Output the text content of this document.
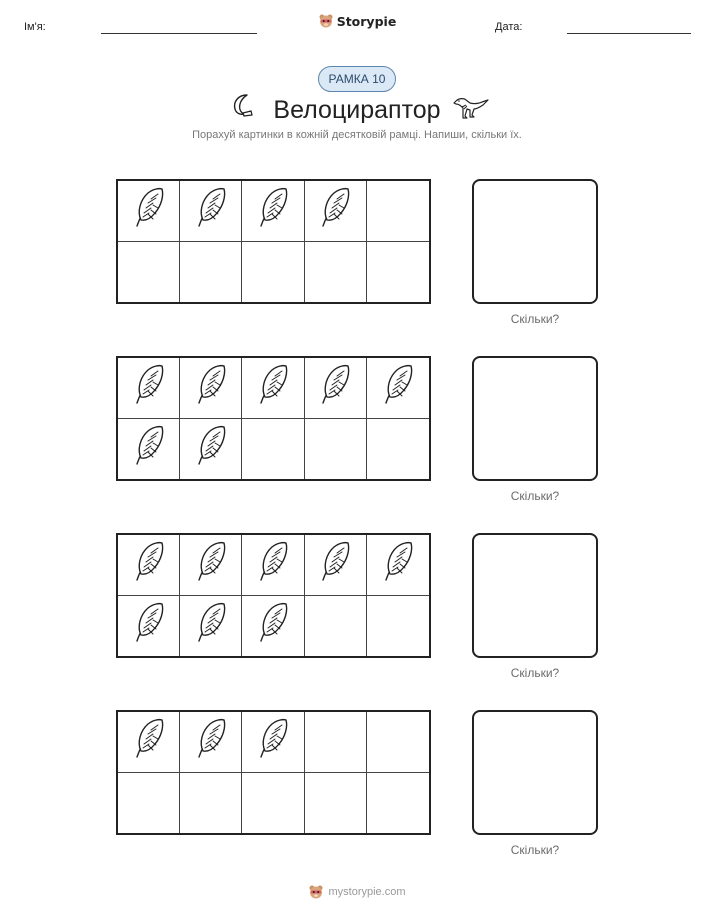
Ім'я:	Storypie	Дата:
РАМКА 10
Велоцираптор
Порахуй картинки в кожній десятковій рамці. Напиши, скільки їх.
Скільки?
Скільки?
Скільки?
Скільки?
mystorypie.com
